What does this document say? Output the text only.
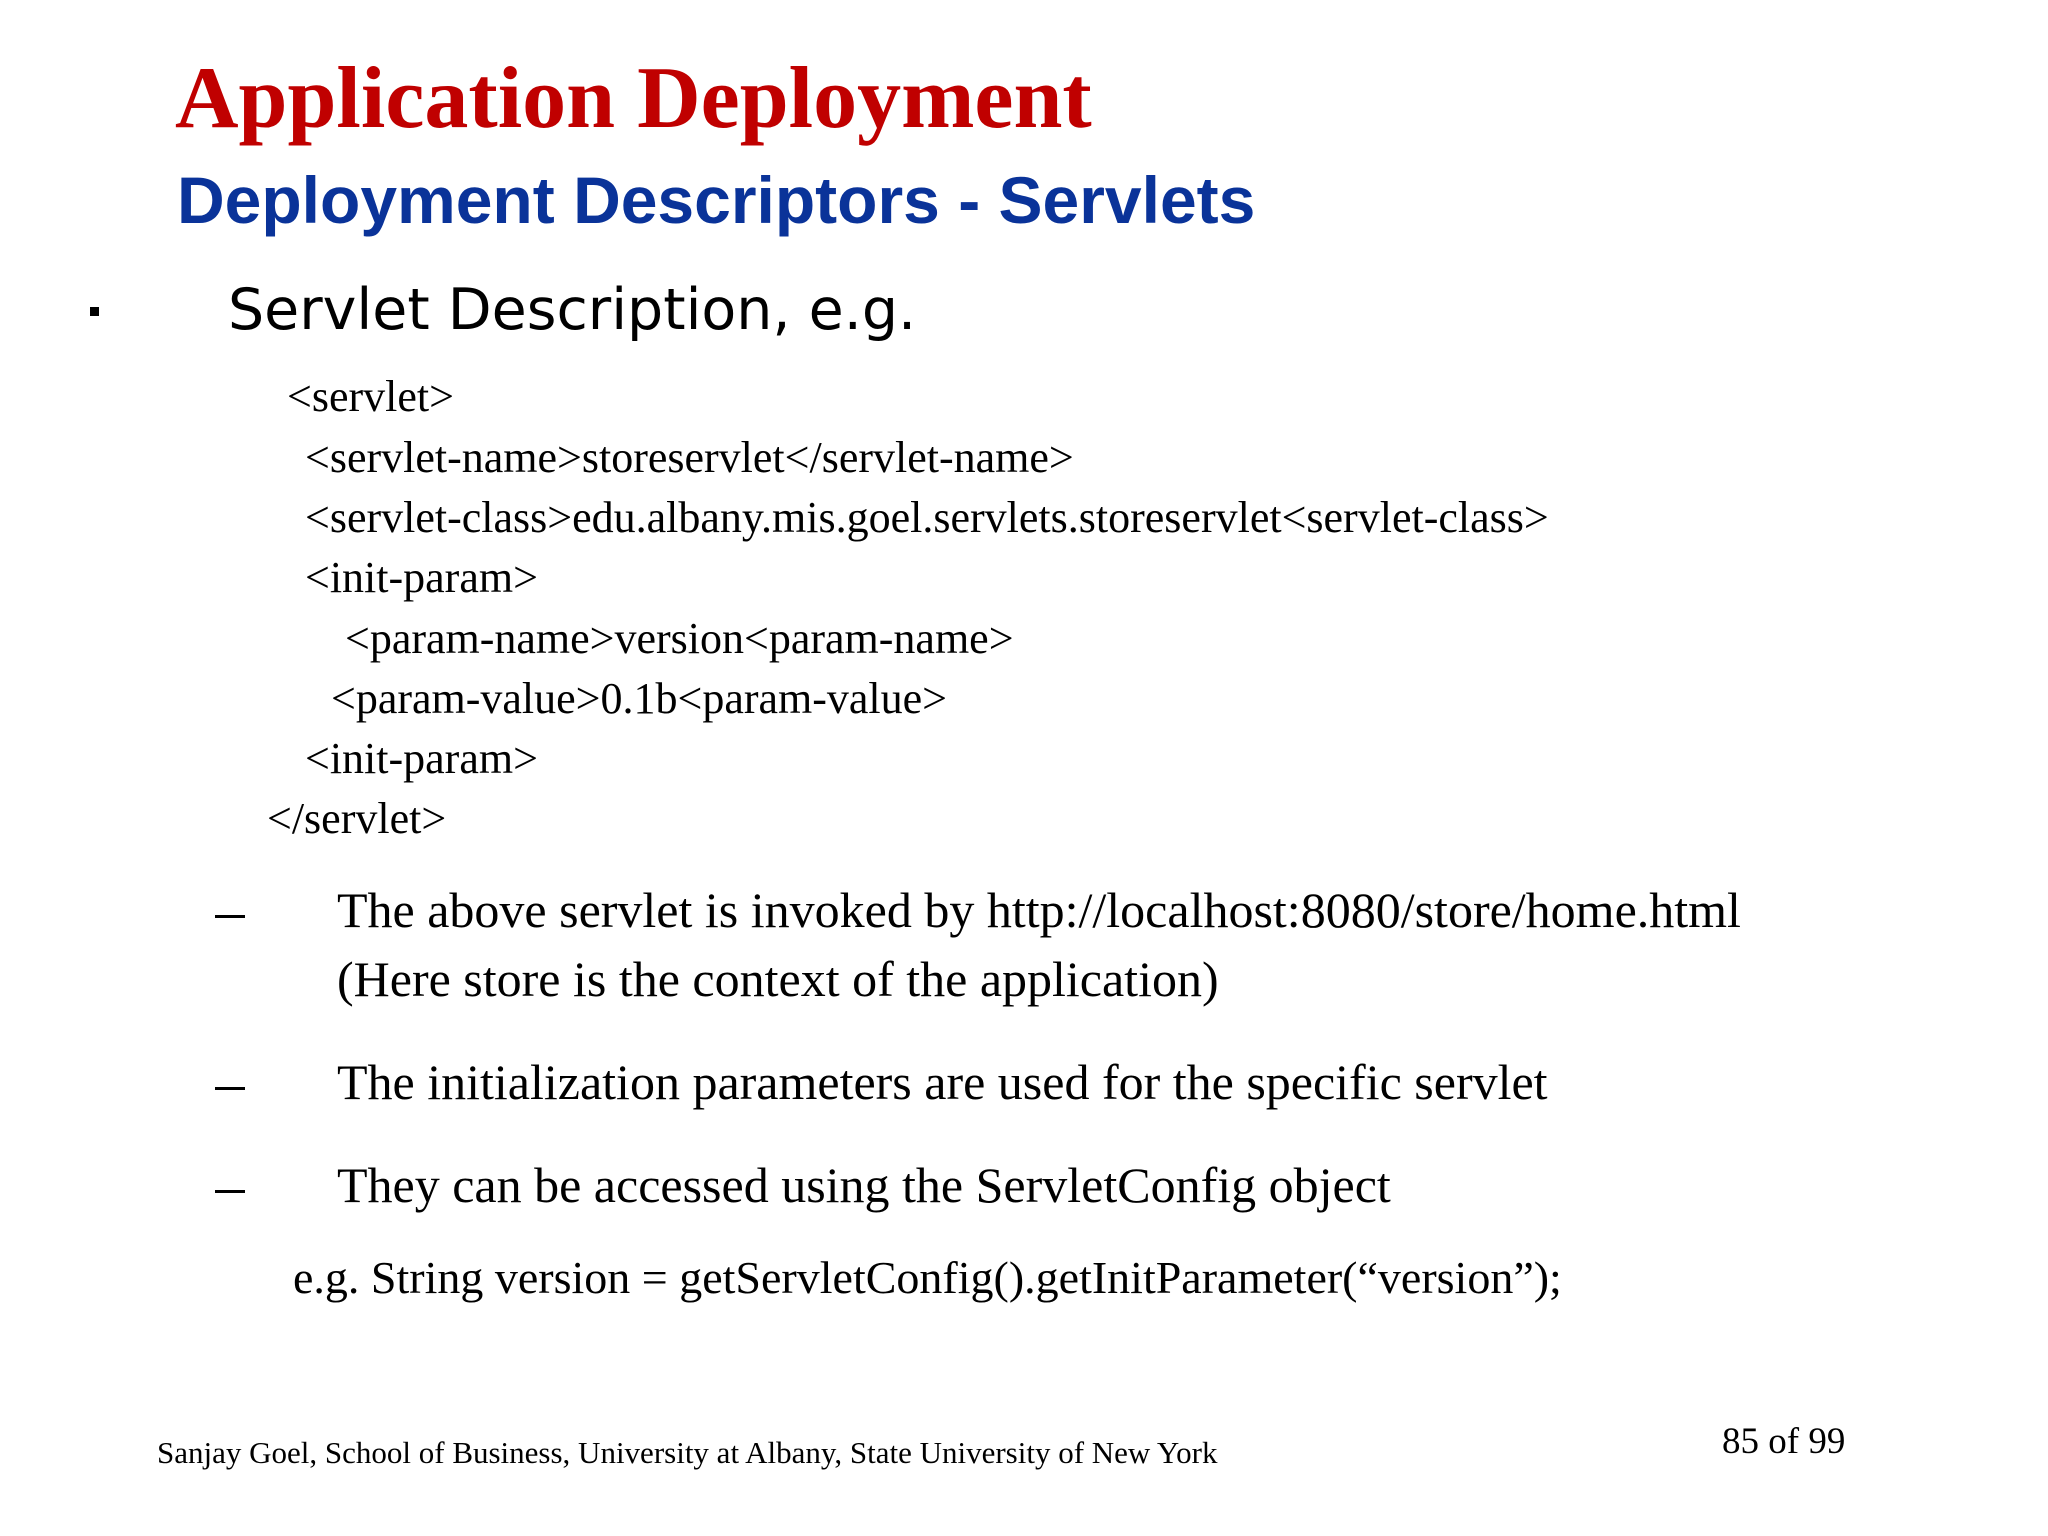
Application Deployment
Deployment Descriptors - Servlets
Servlet Description, e.g.
<servlet>
<servlet-name>storeservlet</servlet-name>
<servlet-class>edu.albany.mis.goel.servlets.storeservlet<servlet-class>
<init-param>
<param-name>version<param-name>
<param-value>0.1b<param-value>
<init-param>
</servlet>
The above servlet is invoked by http://localhost:8080/store/home.html
(Here store is the context of the application)
The initialization parameters are used for the specific servlet
They can be accessed using the ServletConfig object
e.g. String version = getServletConfig().getInitParameter(“version”);
Sanjay Goel, School of Business, University at Albany, State University of New York	85 of 99
